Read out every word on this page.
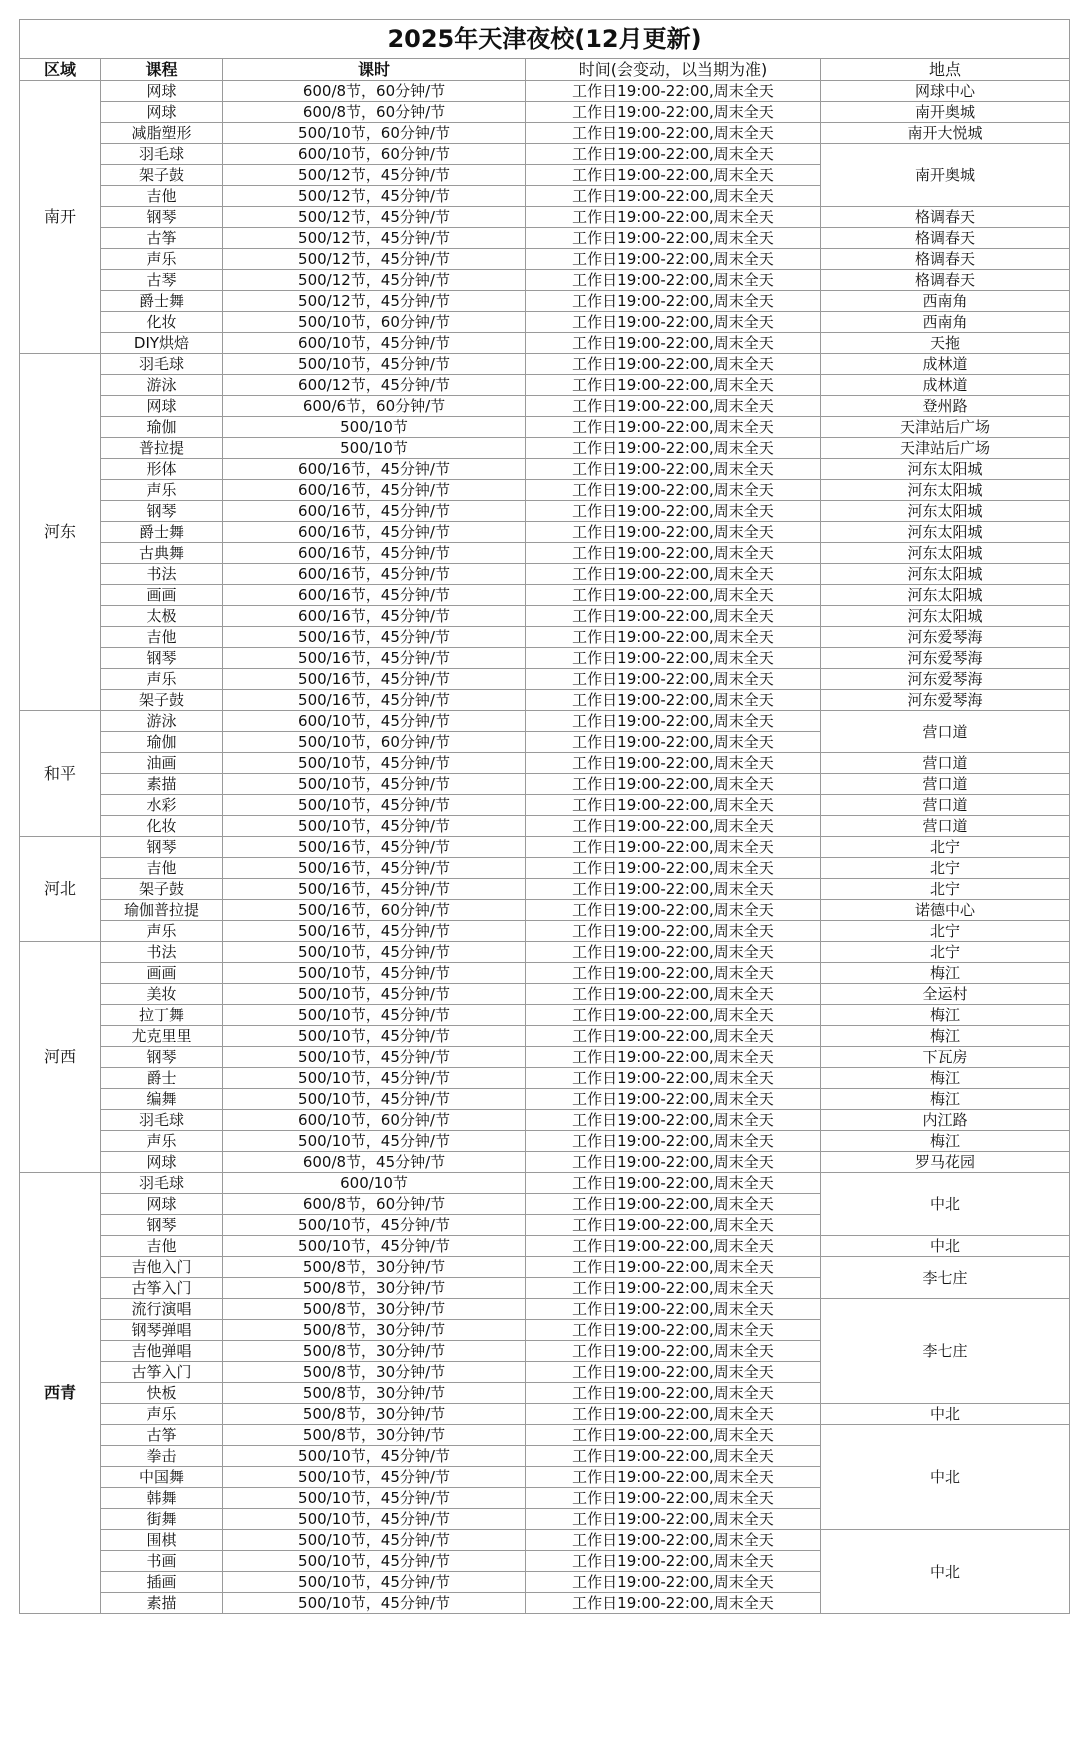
2025年天津夜校(12月更新)				
区域	课程	课时	时间(会变动，以当期为准)	地点
南开	网球	600/8节，60分钟/节	工作日19:00-22:00,周末全天	网球中心
	网球	600/8节，60分钟/节	工作日19:00-22:00,周末全天	南开奥城
	减脂塑形	500/10节，60分钟/节	工作日19:00-22:00,周末全天	南开大悦城
	羽毛球	600/10节，60分钟/节	工作日19:00-22:00,周末全天	南开奥城
	架子鼓	500/12节，45分钟/节	工作日19:00-22:00,周末全天	
	吉他	500/12节，45分钟/节	工作日19:00-22:00,周末全天	
	钢琴	500/12节，45分钟/节	工作日19:00-22:00,周末全天	格调春天
	古筝	500/12节，45分钟/节	工作日19:00-22:00,周末全天	格调春天
	声乐	500/12节，45分钟/节	工作日19:00-22:00,周末全天	格调春天
	古琴	500/12节，45分钟/节	工作日19:00-22:00,周末全天	格调春天
	爵士舞	500/12节，45分钟/节	工作日19:00-22:00,周末全天	西南角
	化妆	500/10节，60分钟/节	工作日19:00-22:00,周末全天	西南角
	DIY烘焙	600/10节，45分钟/节	工作日19:00-22:00,周末全天	天拖
河东	羽毛球	500/10节，45分钟/节	工作日19:00-22:00,周末全天	成林道
	游泳	600/12节，45分钟/节	工作日19:00-22:00,周末全天	成林道
	网球	600/6节，60分钟/节	工作日19:00-22:00,周末全天	登州路
	瑜伽	500/10节	工作日19:00-22:00,周末全天	天津站后广场
	普拉提	500/10节	工作日19:00-22:00,周末全天	天津站后广场
	形体	600/16节，45分钟/节	工作日19:00-22:00,周末全天	河东太阳城
	声乐	600/16节，45分钟/节	工作日19:00-22:00,周末全天	河东太阳城
	钢琴	600/16节，45分钟/节	工作日19:00-22:00,周末全天	河东太阳城
	爵士舞	600/16节，45分钟/节	工作日19:00-22:00,周末全天	河东太阳城
	古典舞	600/16节，45分钟/节	工作日19:00-22:00,周末全天	河东太阳城
	书法	600/16节，45分钟/节	工作日19:00-22:00,周末全天	河东太阳城
	画画	600/16节，45分钟/节	工作日19:00-22:00,周末全天	河东太阳城
	太极	600/16节，45分钟/节	工作日19:00-22:00,周末全天	河东太阳城
	吉他	500/16节，45分钟/节	工作日19:00-22:00,周末全天	河东爱琴海
	钢琴	500/16节，45分钟/节	工作日19:00-22:00,周末全天	河东爱琴海
	声乐	500/16节，45分钟/节	工作日19:00-22:00,周末全天	河东爱琴海
	架子鼓	500/16节，45分钟/节	工作日19:00-22:00,周末全天	河东爱琴海
和平	游泳	600/10节，45分钟/节	工作日19:00-22:00,周末全天	营口道
	瑜伽	500/10节，60分钟/节	工作日19:00-22:00,周末全天	
	油画	500/10节，45分钟/节	工作日19:00-22:00,周末全天	营口道
	素描	500/10节，45分钟/节	工作日19:00-22:00,周末全天	营口道
	水彩	500/10节，45分钟/节	工作日19:00-22:00,周末全天	营口道
	化妆	500/10节，45分钟/节	工作日19:00-22:00,周末全天	营口道
河北	钢琴	500/16节，45分钟/节	工作日19:00-22:00,周末全天	北宁
	吉他	500/16节，45分钟/节	工作日19:00-22:00,周末全天	北宁
	架子鼓	500/16节，45分钟/节	工作日19:00-22:00,周末全天	北宁
	瑜伽普拉提	500/16节，60分钟/节	工作日19:00-22:00,周末全天	诺德中心
	声乐	500/16节，45分钟/节	工作日19:00-22:00,周末全天	北宁
河西	书法	500/10节，45分钟/节	工作日19:00-22:00,周末全天	北宁
	画画	500/10节，45分钟/节	工作日19:00-22:00,周末全天	梅江
	美妆	500/10节，45分钟/节	工作日19:00-22:00,周末全天	全运村
	拉丁舞	500/10节，45分钟/节	工作日19:00-22:00,周末全天	梅江
	尤克里里	500/10节，45分钟/节	工作日19:00-22:00,周末全天	梅江
	钢琴	500/10节，45分钟/节	工作日19:00-22:00,周末全天	下瓦房
	爵士	500/10节，45分钟/节	工作日19:00-22:00,周末全天	梅江
	编舞	500/10节，45分钟/节	工作日19:00-22:00,周末全天	梅江
	羽毛球	600/10节，60分钟/节	工作日19:00-22:00,周末全天	内江路
	声乐	500/10节，45分钟/节	工作日19:00-22:00,周末全天	梅江
	网球	600/8节，45分钟/节	工作日19:00-22:00,周末全天	罗马花园
西青	羽毛球	600/10节	工作日19:00-22:00,周末全天	中北
	网球	600/8节，60分钟/节	工作日19:00-22:00,周末全天	
	钢琴	500/10节，45分钟/节	工作日19:00-22:00,周末全天	
	吉他	500/10节，45分钟/节	工作日19:00-22:00,周末全天	中北
	吉他入门	500/8节，30分钟/节	工作日19:00-22:00,周末全天	李七庄
	古筝入门	500/8节，30分钟/节	工作日19:00-22:00,周末全天	
	流行演唱	500/8节，30分钟/节	工作日19:00-22:00,周末全天	李七庄
	钢琴弹唱	500/8节，30分钟/节	工作日19:00-22:00,周末全天	
	吉他弹唱	500/8节，30分钟/节	工作日19:00-22:00,周末全天	
	古筝入门	500/8节，30分钟/节	工作日19:00-22:00,周末全天	
	快板	500/8节，30分钟/节	工作日19:00-22:00,周末全天	
	声乐	500/8节，30分钟/节	工作日19:00-22:00,周末全天	中北
	古筝	500/8节，30分钟/节	工作日19:00-22:00,周末全天	中北
	拳击	500/10节，45分钟/节	工作日19:00-22:00,周末全天	
	中国舞	500/10节，45分钟/节	工作日19:00-22:00,周末全天	
	韩舞	500/10节，45分钟/节	工作日19:00-22:00,周末全天	
	街舞	500/10节，45分钟/节	工作日19:00-22:00,周末全天	
	围棋	500/10节，45分钟/节	工作日19:00-22:00,周末全天	中北
	书画	500/10节，45分钟/节	工作日19:00-22:00,周末全天	
	插画	500/10节，45分钟/节	工作日19:00-22:00,周末全天	
	素描	500/10节，45分钟/节	工作日19:00-22:00,周末全天	
